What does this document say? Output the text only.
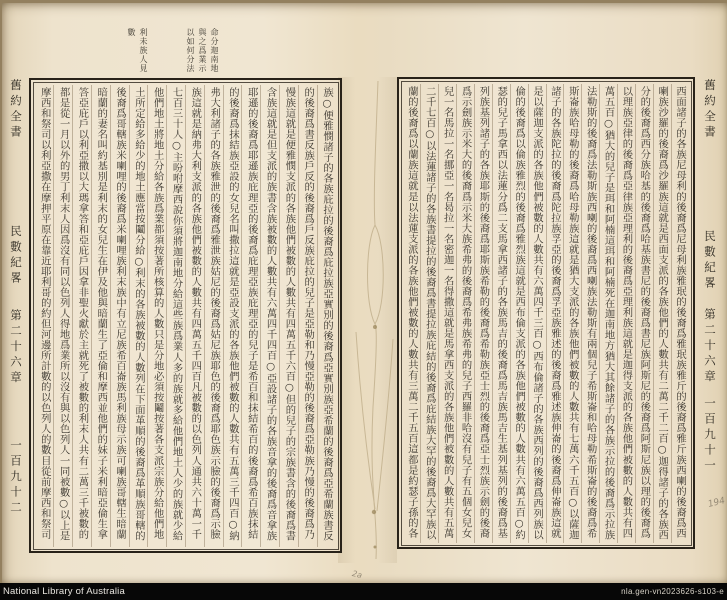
舊約全書
民數紀畧
第二十六章
一百九十二
命分迦南地
與之爲業示
以如何分法
利未族人見
數
族○便雅憫諸子的各族庇拉的後裔爲庇拉族亞實別的後裔爲亞實別族亞希蘭的後裔爲亞希蘭族書反
的後裔爲書反族戶反的後裔爲戶反族庇拉的兒子是亞勒和乃慢亞勒的後裔爲亞勒族乃慢的後裔爲乃
慢族這就是便雅憫支派的各族他們被數的人數共有四萬五千六百○但的兒子的宗族書含的後裔爲書
含族這就是但支派的族書含族被數的人數共有六萬四千四百○亞設諸子的各族音拿的後裔爲音拿族
耶遜的後裔爲耶遜族庇理亞的後裔爲庇理亞族庇理亞的兒子是希百和抹結希百的後裔爲希百族抹結
的後裔爲抹結族亞設的女兒名叫撒拉這就是亞設支派的各族他們被數的人數共有五萬三千四百○納
弗大利諸子的各族雅泄的後裔爲雅泄族姑尼的後裔爲姑尼族耶色的後裔爲耶色族示臉的後裔爲示臉
族這就是納弗大利支派的各族他們被數的人數共有四萬五千四百凡被數的以色列人通共六十萬一千
七百三十人○主吩咐摩西說你須將迦南地分給這些族爲業人多的族就多給他們地土人少的族就少給
他們地土將地土分給各族爲業都須按著所核算的人數只是分地必須按鬮按著各支派宗族分給他們地
土所定給多給少的地土應當按鬮分給○利末的各族被數的人數列在下面革順的後裔爲革順族哥轄的
後裔爲哥轄族米喇哩的後裔爲米喇哩族利末族中有立尼族希百崙族馬利族母示族可喇族哥轄生暗蘭
暗蘭的妻名叫約基別是利末的女兒生在伊及他與暗蘭生了亞倫和摩西並他們的妹子米利暗亞倫生拿
答亞庇戶以利亞撒以大瑪拿答和亞庇戶因拿非聖火獻於主就死了被數的利末人共有二萬三千被數的
都是從一月以外的男丁利末人因爲沒有同以色列人得地爲業所以沒有與以色列人一同被數○以上是
摩西和祭司以利亞撒在摩押平原在靠近耶利哥的約但河邊所計數的以色列人的數目從前摩西和祭司	舊約全書
民數紀畧
第二十六章
一百九十一
西面諸子的各族尼母利的後裔爲尼母利族雅珉的後裔爲雅珉族雅斤的後裔爲雅斤族西喇的後裔爲西
喇族沙羅的後裔爲沙羅族這就是西面支派的各族他們的人數共有二萬二千二百○迦得諸子的各族西
分的後裔爲西分族哈基的後裔爲哈基族書尼的後裔爲書尼族阿斯尼的後裔爲阿斯尼族以理的後裔爲
以理族亞律的後裔爲亞律族亞理利的後裔爲亞理利族這就是迦得支派的各族他們被數的人數共有四
萬五百○猶大的兒子是珥和阿楠這珥和阿楠死在迦南地方猶大其餘諸子的各族示拉的後裔爲示拉族
法勒斯的後裔爲法勒斯族西喇的後裔爲西喇族法勒斯有兩個兒子希斯崙和哈母勒希斯崙的後裔爲希
斯崙族哈母勒的後裔爲哈母勒族這就是猶大支派的各族他們被數的人數共有七萬六千五百○以薩迦
諸子的各族陀拉的後裔爲陀拉族孚亞的後裔爲孚亞族雅述的後裔爲雅述族伸崙的後裔爲伸崙族這就
是以薩迦支派的各族他們被數的人數共有六萬四千三百○西布倫諸子的各族西列的後裔爲西列族以
倫的後裔爲以倫族雅烈的後裔爲雅烈族這就是西布倫支派的各族他們被數的人數共有六萬五百○約
瑟的兒子馬拿西以法蓮分爲二支馬拿西諸子的各族馬吉的後裔爲馬吉族馬吉生基列基列的後裔爲基
列族基列諸子的各族耶斯的後裔爲耶斯族希勒的後裔爲希勒族亞士烈的後裔爲亞士烈族示劍的後裔
爲示劍族示米大的後裔爲示米大族希弗的後裔爲希弗族希弗的兒子西羅非哈沒有兒子有五個女兒女
兒一名馬拉一名挪亞一名曷拉一名密迦一名得撒這就是馬拿西支派的各族他們被數的人數共有五萬
二千七百○以法蓮諸子的各族書提拉的後裔爲書提拉族庇結的後裔爲庇結族大罕的後裔爲大罕族以
蘭的後裔爲以蘭族這就是以法蓮支派的各族他們被數的人數共有三萬二千五百這都是約瑟子孫的各
2a
194
National Library of Australia	nla.gen-vn2023626-s103-e
